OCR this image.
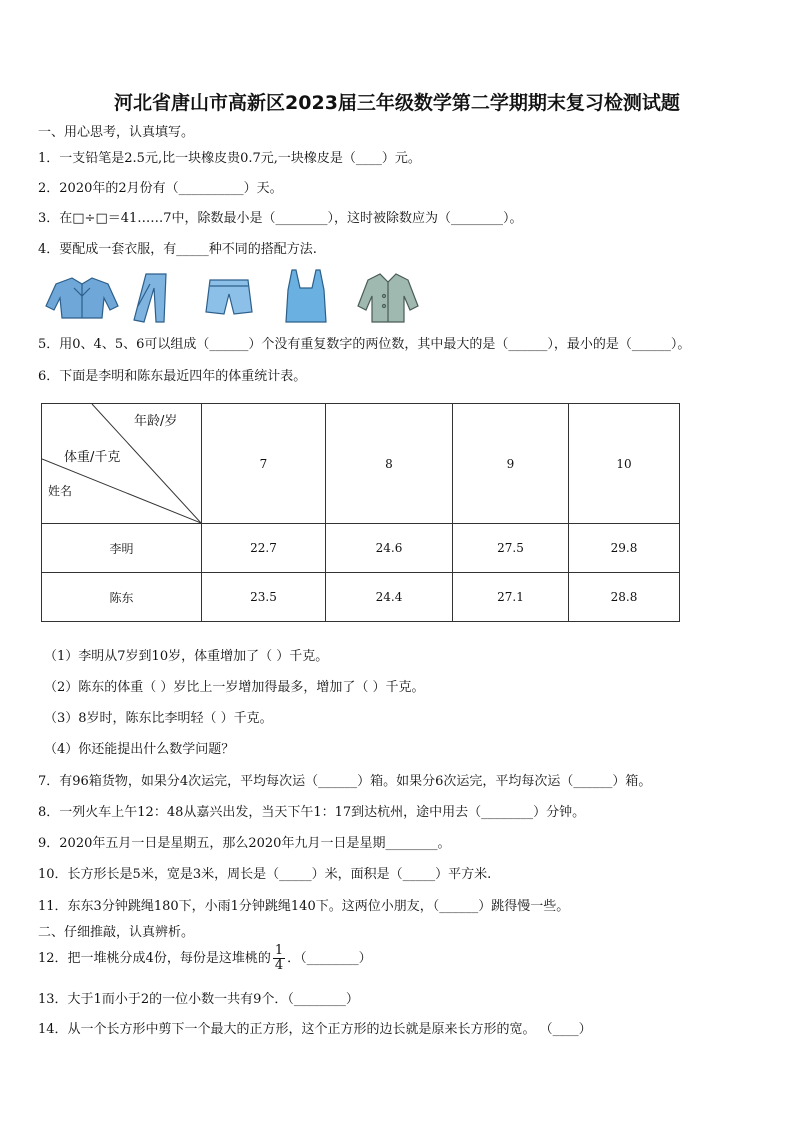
河北省唐山市高新区2023届三年级数学第二学期期末复习检测试题
一、用心思考，认真填写。
1．一支铅笔是2.5元,比一块橡皮贵0.7元,一块橡皮是（____）元。
2．2020年的2月份有（__________）天。
3．在□÷□＝41……7中，除数最小是（________），这时被除数应为（________）。
4．要配成一套衣服，有_____种不同的搭配方法.
5．用0、4、5、6可以组成（______）个没有重复数字的两位数，其中最大的是（______），最小的是（______）。
6．下面是李明和陈东最近四年的体重统计表。
年龄/岁
体重/千克
姓名	7	8	9	10
李明	22.7	24.6	27.5	29.8
陈东	23.5	24.4	27.1	28.8
（1）李明从7岁到10岁，体重增加了（ ）千克。
（2）陈东的体重（ ）岁比上一岁增加得最多，增加了（ ）千克。
（3）8岁时，陈东比李明轻（ ）千克。
（4）你还能提出什么数学问题？
7．有96箱货物，如果分4次运完，平均每次运（______）箱。如果分6次运完，平均每次运（______）箱。
8．一列火车上午12：48从嘉兴出发，当天下午1：17到达杭州，途中用去（________）分钟。
9．2020年五月一日是星期五，那么2020年九月一日是星期________。
10．长方形长是5米，宽是3米，周长是（_____）米，面积是（_____）平方米.
11．东东3分钟跳绳180下，小雨1分钟跳绳140下。这两位小朋友，（______）跳得慢一些。
二、仔细推敲，认真辨析。
12．把一堆桃分成4份，每份是这堆桃的 $\frac{1}{4}$ ．（________）
13．大于1而小于2的一位小数一共有9个．（________）
14．从一个长方形中剪下一个最大的正方形，这个正方形的边长就是原来长方形的宽。 （____）
